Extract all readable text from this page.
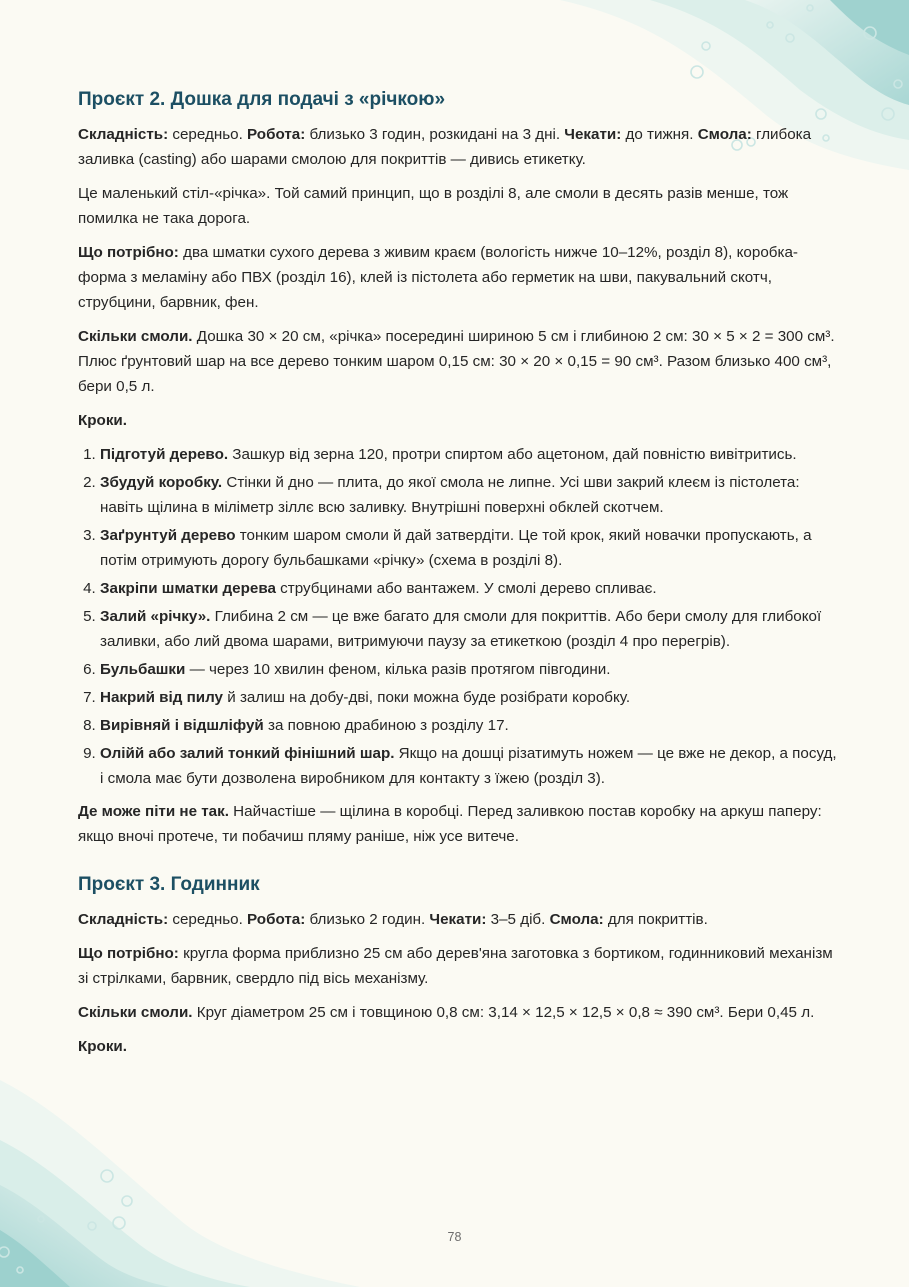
Проєкт 2. Дошка для подачі з «річкою»

Складність: середньо. Робота: близько 3 годин, розкидані на 3 дні. Чекати: до тижня. Смола: глибока заливка (casting) або шарами смолою для покриттів — дивись етикетку.

Це маленький стіл-«річка». Той самий принцип, що в розділі 8, але смоли в десять разів менше, тож помилка не така дорога.

Що потрібно: два шматки сухого дерева з живим краєм (вологість нижче 10–12%, розділ 8), коробка-форма з меламіну або ПВХ (розділ 16), клей із пістолета або герметик на шви, пакувальний скотч, струбцини, барвник, фен.

Скільки смоли. Дошка 30 × 20 см, «річка» посередині шириною 5 см і глибиною 2 см: 30 × 5 × 2 = 300 см³. Плюс ґрунтовий шар на все дерево тонким шаром 0,15 см: 30 × 20 × 0,15 = 90 см³. Разом близько 400 см³, бери 0,5 л.

Кроки.

1. Підготуй дерево. Зашкур від зерна 120, протри спиртом або ацетоном, дай повністю вивітритись.
2. Збудуй коробку. Стінки й дно — плита, до якої смола не липне. Усі шви закрий клеєм із пістолета: навіть щілина в міліметр зіллє всю заливку. Внутрішні поверхні обклей скотчем.
3. Заґрунтуй дерево тонким шаром смоли й дай затвердіти. Це той крок, який новачки пропускають, а потім отримують дорогу бульбашками «річку» (схема в розділі 8).
4. Закріпи шматки дерева струбцинами або вантажем. У смолі дерево спливає.
5. Залий «річку». Глибина 2 см — це вже багато для смоли для покриттів. Або бери смолу для глибокої заливки, або лий двома шарами, витримуючи паузу за етикеткою (розділ 4 про перегрів).
6. Бульбашки — через 10 хвилин феном, кілька разів протягом півгодини.
7. Накрий від пилу й залиш на добу-дві, поки можна буде розібрати коробку.
8. Вирівняй і відшліфуй за повною драбиною з розділу 17.
9. Олійй або залий тонкий фінішний шар. Якщо на дошці різатимуть ножем — це вже не декор, а посуд, і смола має бути дозволена виробником для контакту з їжею (розділ 3).

Де може піти не так. Найчастіше — щілина в коробці. Перед заливкою постав коробку на аркуш паперу: якщо вночі протече, ти побачиш пляму раніше, ніж усе витече.

Проєкт 3. Годинник

Складність: середньо. Робота: близько 2 годин. Чекати: 3–5 діб. Смола: для покриттів.

Що потрібно: кругла форма приблизно 25 см або дерев'яна заготовка з бортиком, годинниковий механізм зі стрілками, барвник, свердло під вісь механізму.

Скільки смоли. Круг діаметром 25 см і товщиною 0,8 см: 3,14 × 12,5 × 12,5 × 0,8 ≈ 390 см³. Бери 0,45 л.

Кроки.

78
